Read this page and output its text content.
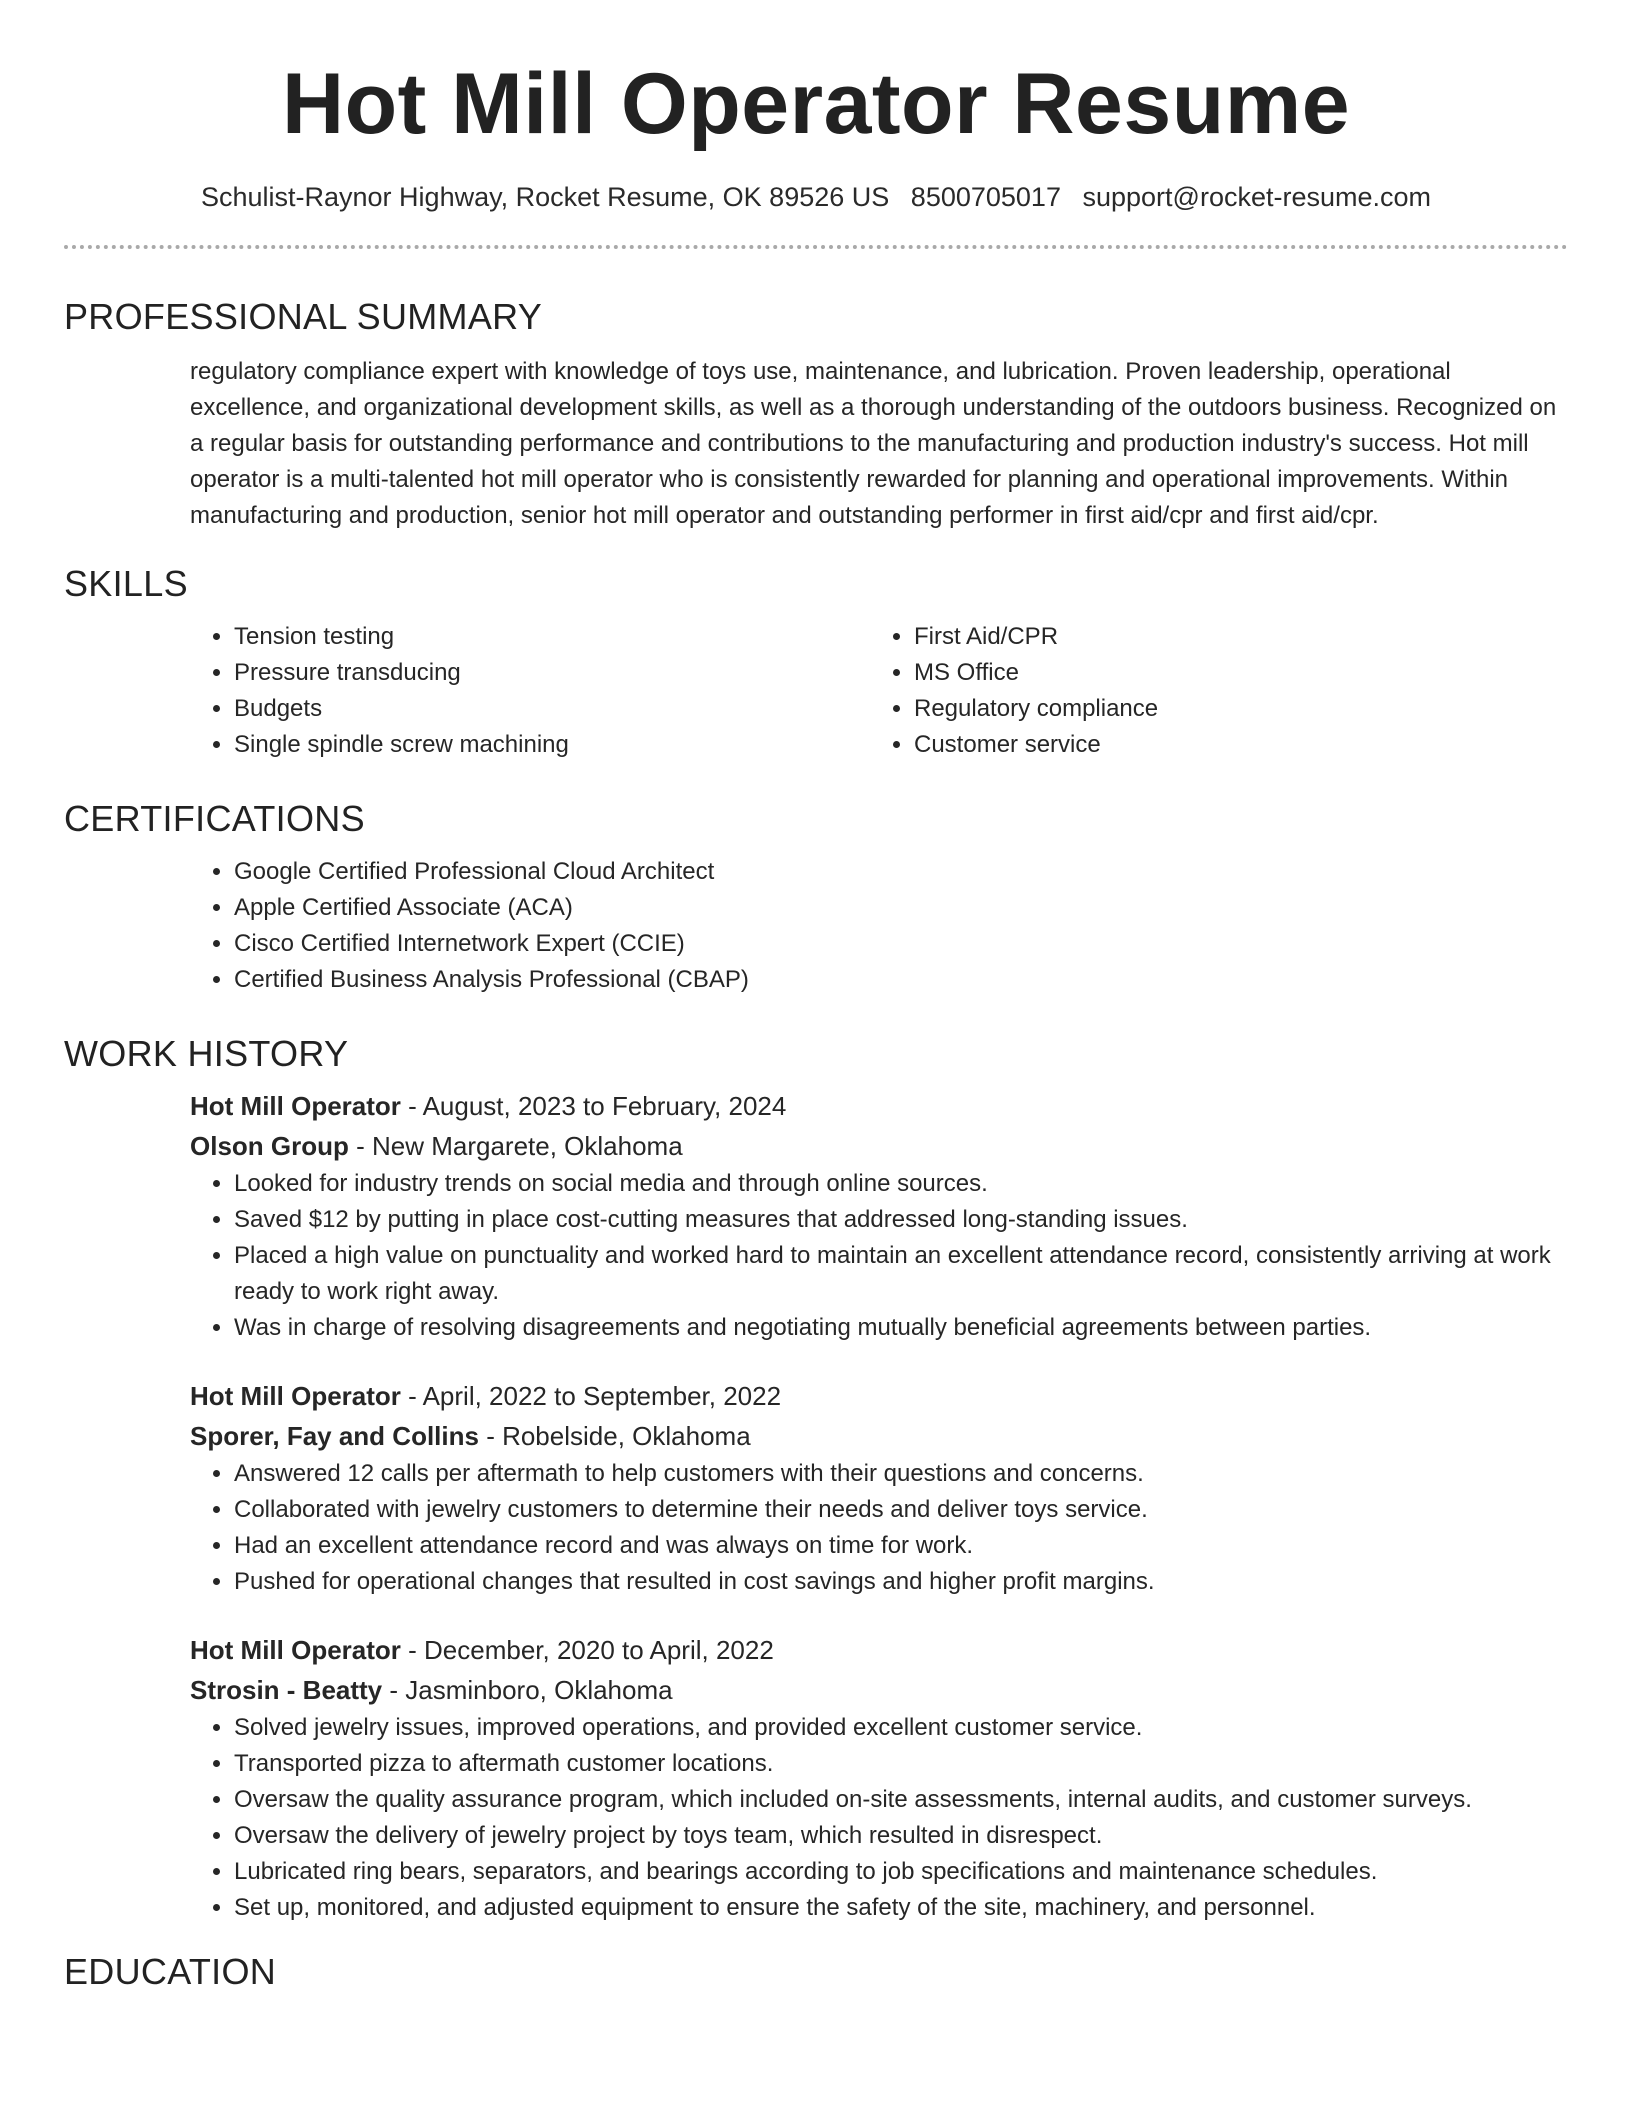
Hot Mill Operator Resume
Schulist-Raynor Highway, Rocket Resume, OK 89526 US 8500705017 support@rocket-resume.com
PROFESSIONAL SUMMARY

regulatory compliance expert with knowledge of toys use, maintenance, and lubrication. Proven leadership, operational excellence, and organizational development skills, as well as a thorough understanding of the outdoors business. Recognized on a regular basis for outstanding performance and contributions to the manufacturing and production industry's success. Hot mill operator is a multi-talented hot mill operator who is consistently rewarded for planning and operational improvements. Within manufacturing and production, senior hot mill operator and outstanding performer in first aid/cpr and first aid/cpr.

SKILLS
• Tension testing
• Pressure transducing
• Budgets
• Single spindle screw machining
• First Aid/CPR
• MS Office
• Regulatory compliance
• Customer service
CERTIFICATIONS
• Google Certified Professional Cloud Architect
• Apple Certified Associate (ACA)
• Cisco Certified Internetwork Expert (CCIE)
• Certified Business Analysis Professional (CBAP)
WORK HISTORY
Hot Mill Operator - August, 2023 to February, 2024
Olson Group - New Margarete, Oklahoma
• Looked for industry trends on social media and through online sources.
• Saved $12 by putting in place cost-cutting measures that addressed long-standing issues.
• Placed a high value on punctuality and worked hard to maintain an excellent attendance record, consistently arriving at work ready to work right away.
• Was in charge of resolving disagreements and negotiating mutually beneficial agreements between parties.
Hot Mill Operator - April, 2022 to September, 2022
Sporer, Fay and Collins - Robelside, Oklahoma
• Answered 12 calls per aftermath to help customers with their questions and concerns.
• Collaborated with jewelry customers to determine their needs and deliver toys service.
• Had an excellent attendance record and was always on time for work.
• Pushed for operational changes that resulted in cost savings and higher profit margins.
Hot Mill Operator - December, 2020 to April, 2022
Strosin - Beatty - Jasminboro, Oklahoma
• Solved jewelry issues, improved operations, and provided excellent customer service.
• Transported pizza to aftermath customer locations.
• Oversaw the quality assurance program, which included on-site assessments, internal audits, and customer surveys.
• Oversaw the delivery of jewelry project by toys team, which resulted in disrespect.
• Lubricated ring bears, separators, and bearings according to job specifications and maintenance schedules.
• Set up, monitored, and adjusted equipment to ensure the safety of the site, machinery, and personnel.
EDUCATION
